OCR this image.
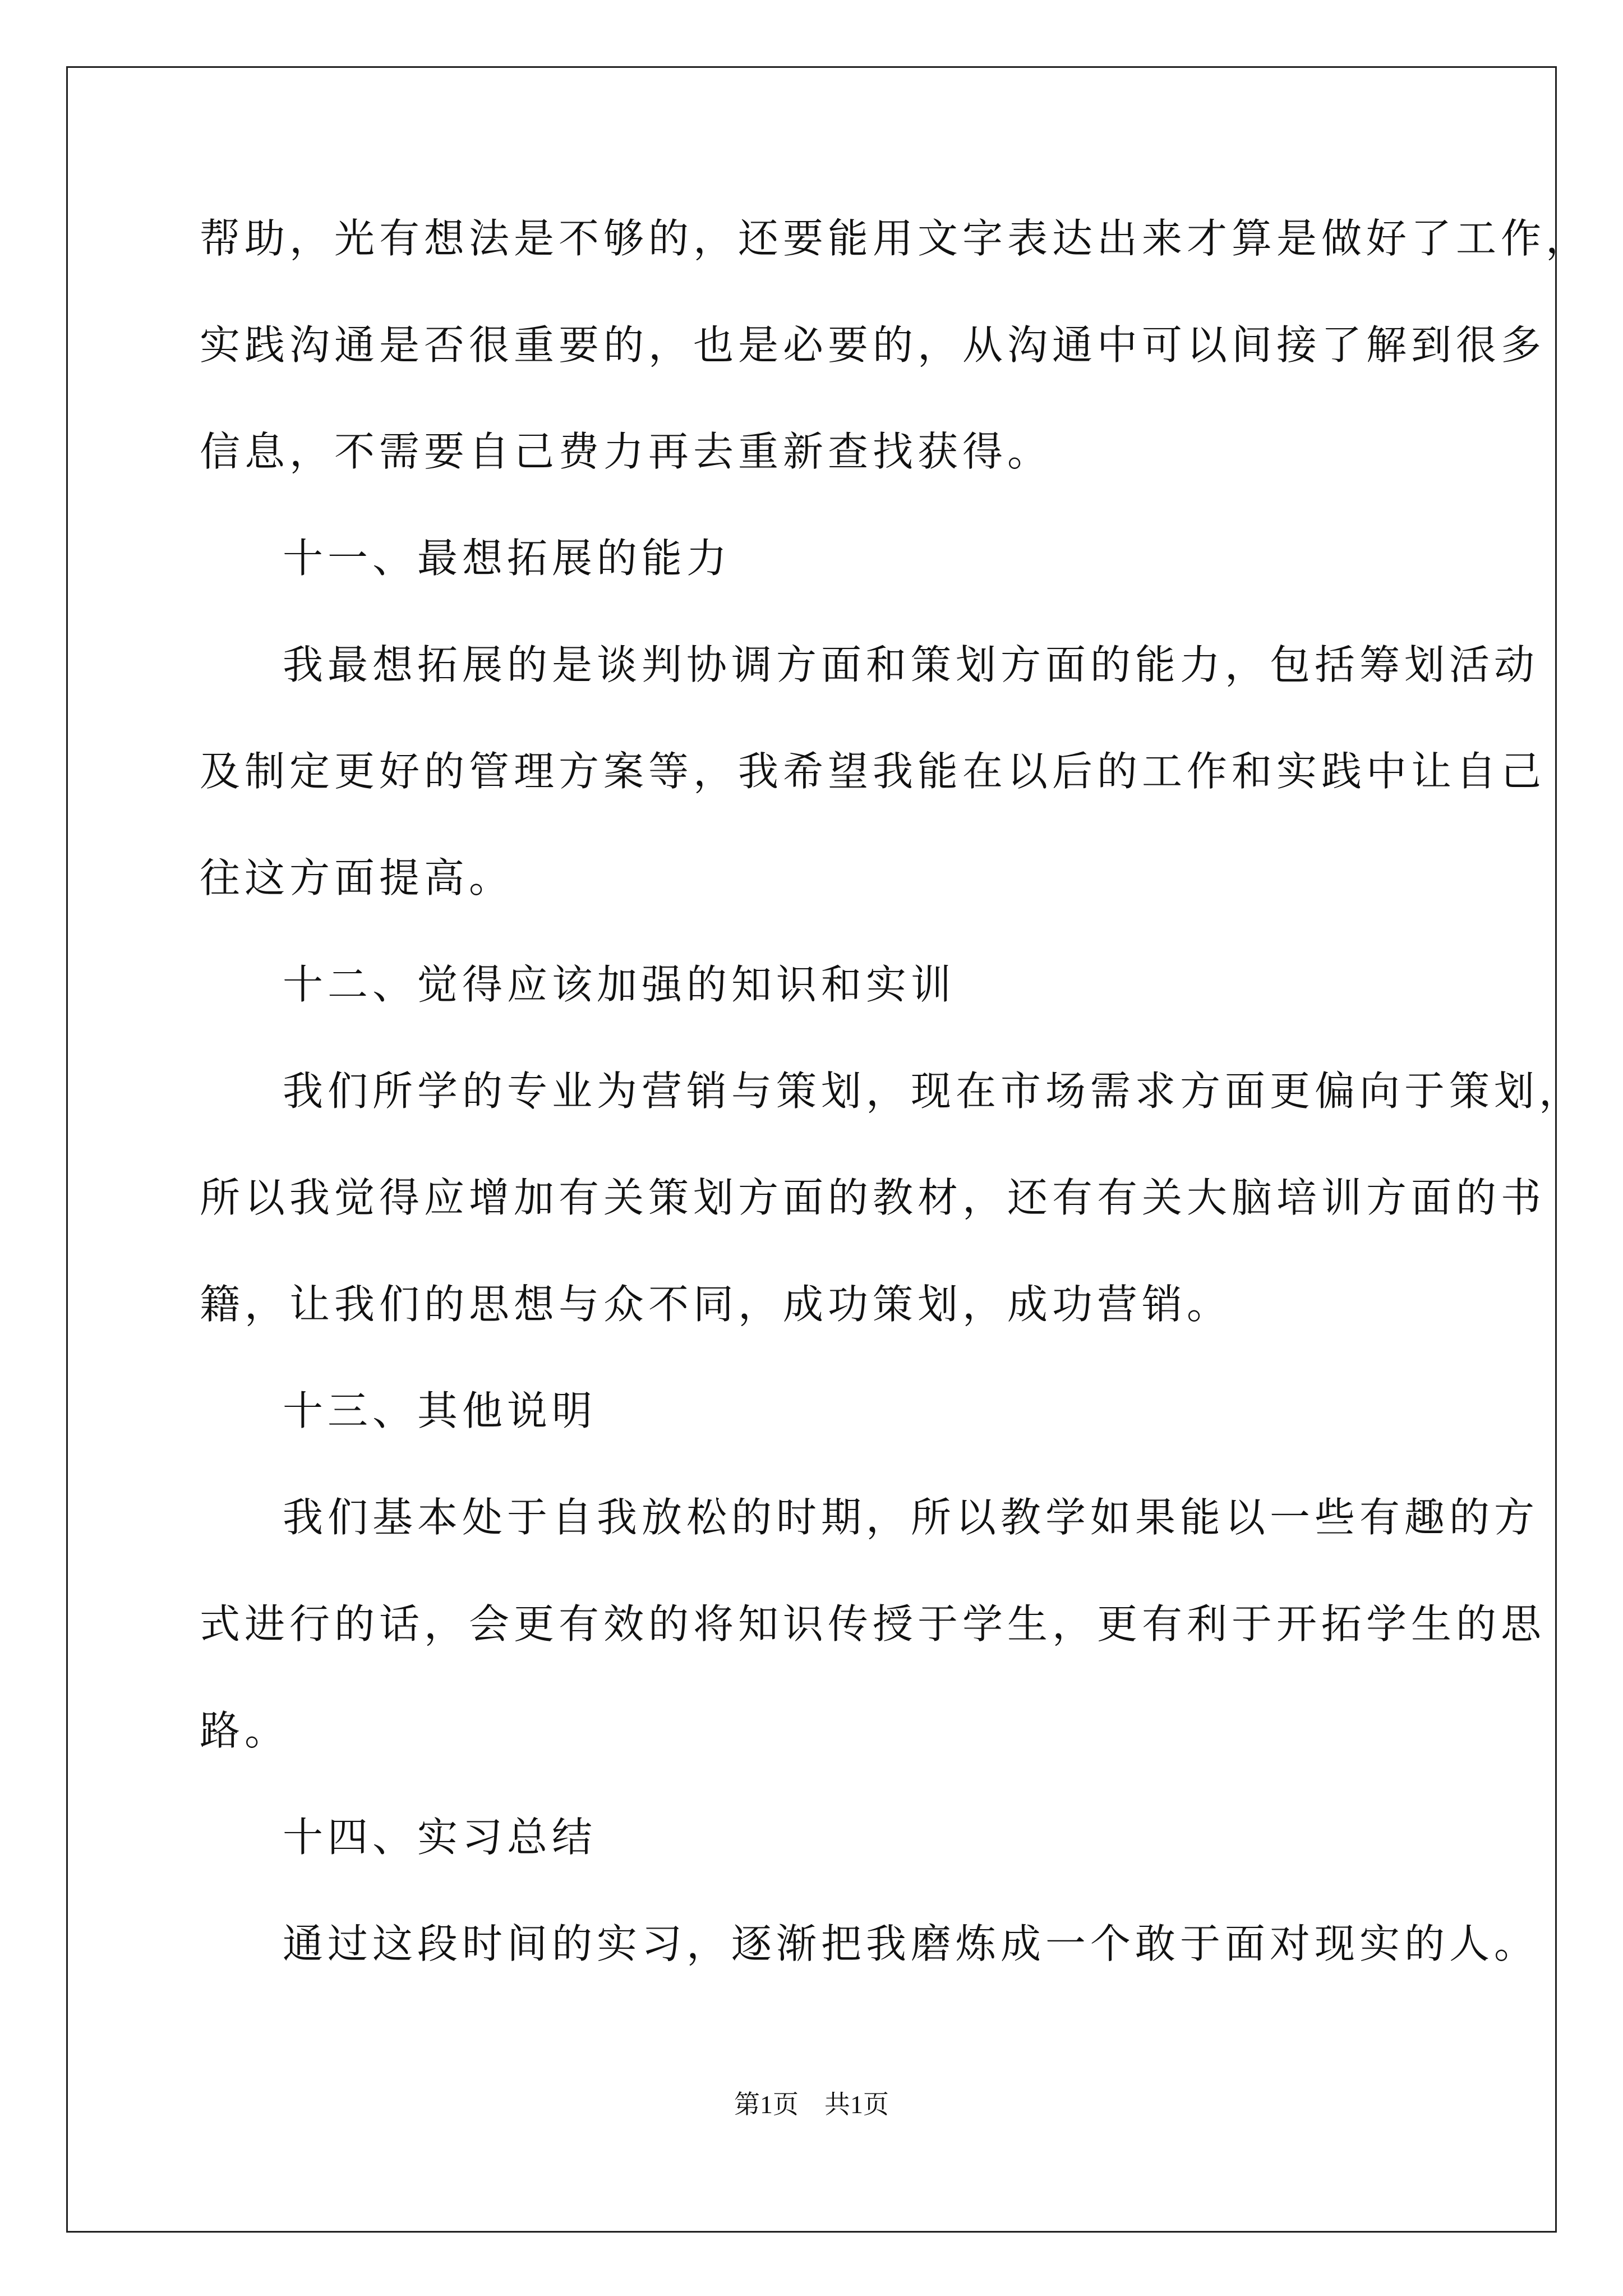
帮助，光有想法是不够的，还要能用文字表达出来才算是做好了工作，
实践沟通是否很重要的，也是必要的，从沟通中可以间接了解到很多
信息，不需要自己费力再去重新查找获得。
十一、最想拓展的能力
我最想拓展的是谈判协调方面和策划方面的能力，包括筹划活动
及制定更好的管理方案等，我希望我能在以后的工作和实践中让自己
往这方面提高。
十二、觉得应该加强的知识和实训
我们所学的专业为营销与策划，现在市场需求方面更偏向于策划，
所以我觉得应增加有关策划方面的教材，还有有关大脑培训方面的书
籍，让我们的思想与众不同，成功策划，成功营销。
十三、其他说明
我们基本处于自我放松的时期，所以教学如果能以一些有趣的方
式进行的话，会更有效的将知识传授于学生，更有利于开拓学生的思
路。
十四、实习总结
通过这段时间的实习，逐渐把我磨炼成一个敢于面对现实的人。
第1页　共1页
